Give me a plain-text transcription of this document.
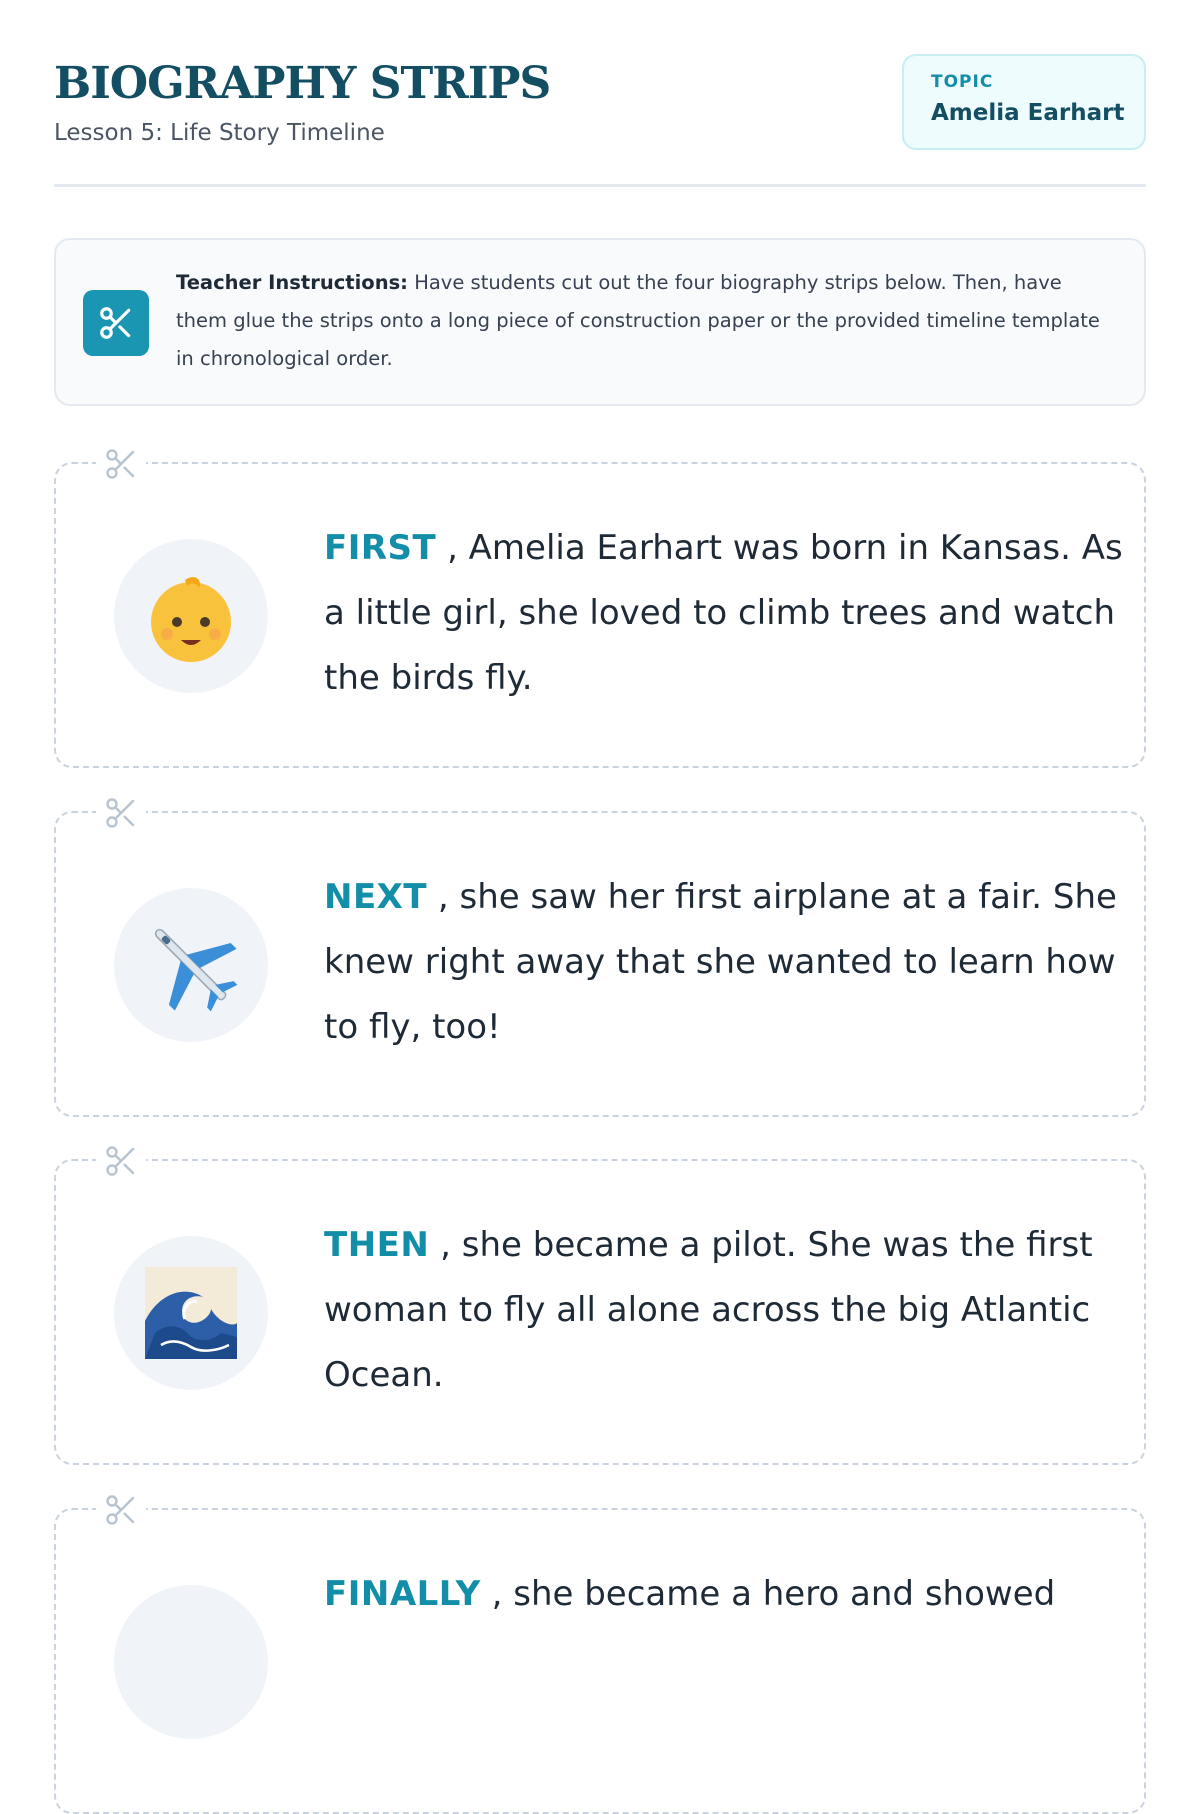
BIOGRAPHY STRIPS
Lesson 5: Life Story Timeline
TOPIC
Amelia Earhart
Teacher Instructions: Have students cut out the four biography strips below. Then, have them glue the strips onto a long piece of construction paper or the provided timeline template in chronological order.
FIRST , Amelia Earhart was born in Kansas. As a little girl, she loved to climb trees and watch the birds fly.
NEXT , she saw her first airplane at a fair. She knew right away that she wanted to learn how to fly, too!
THEN , she became a pilot. She was the first woman to fly all alone across the big Atlantic Ocean.
FINALLY , she became a hero and showed
